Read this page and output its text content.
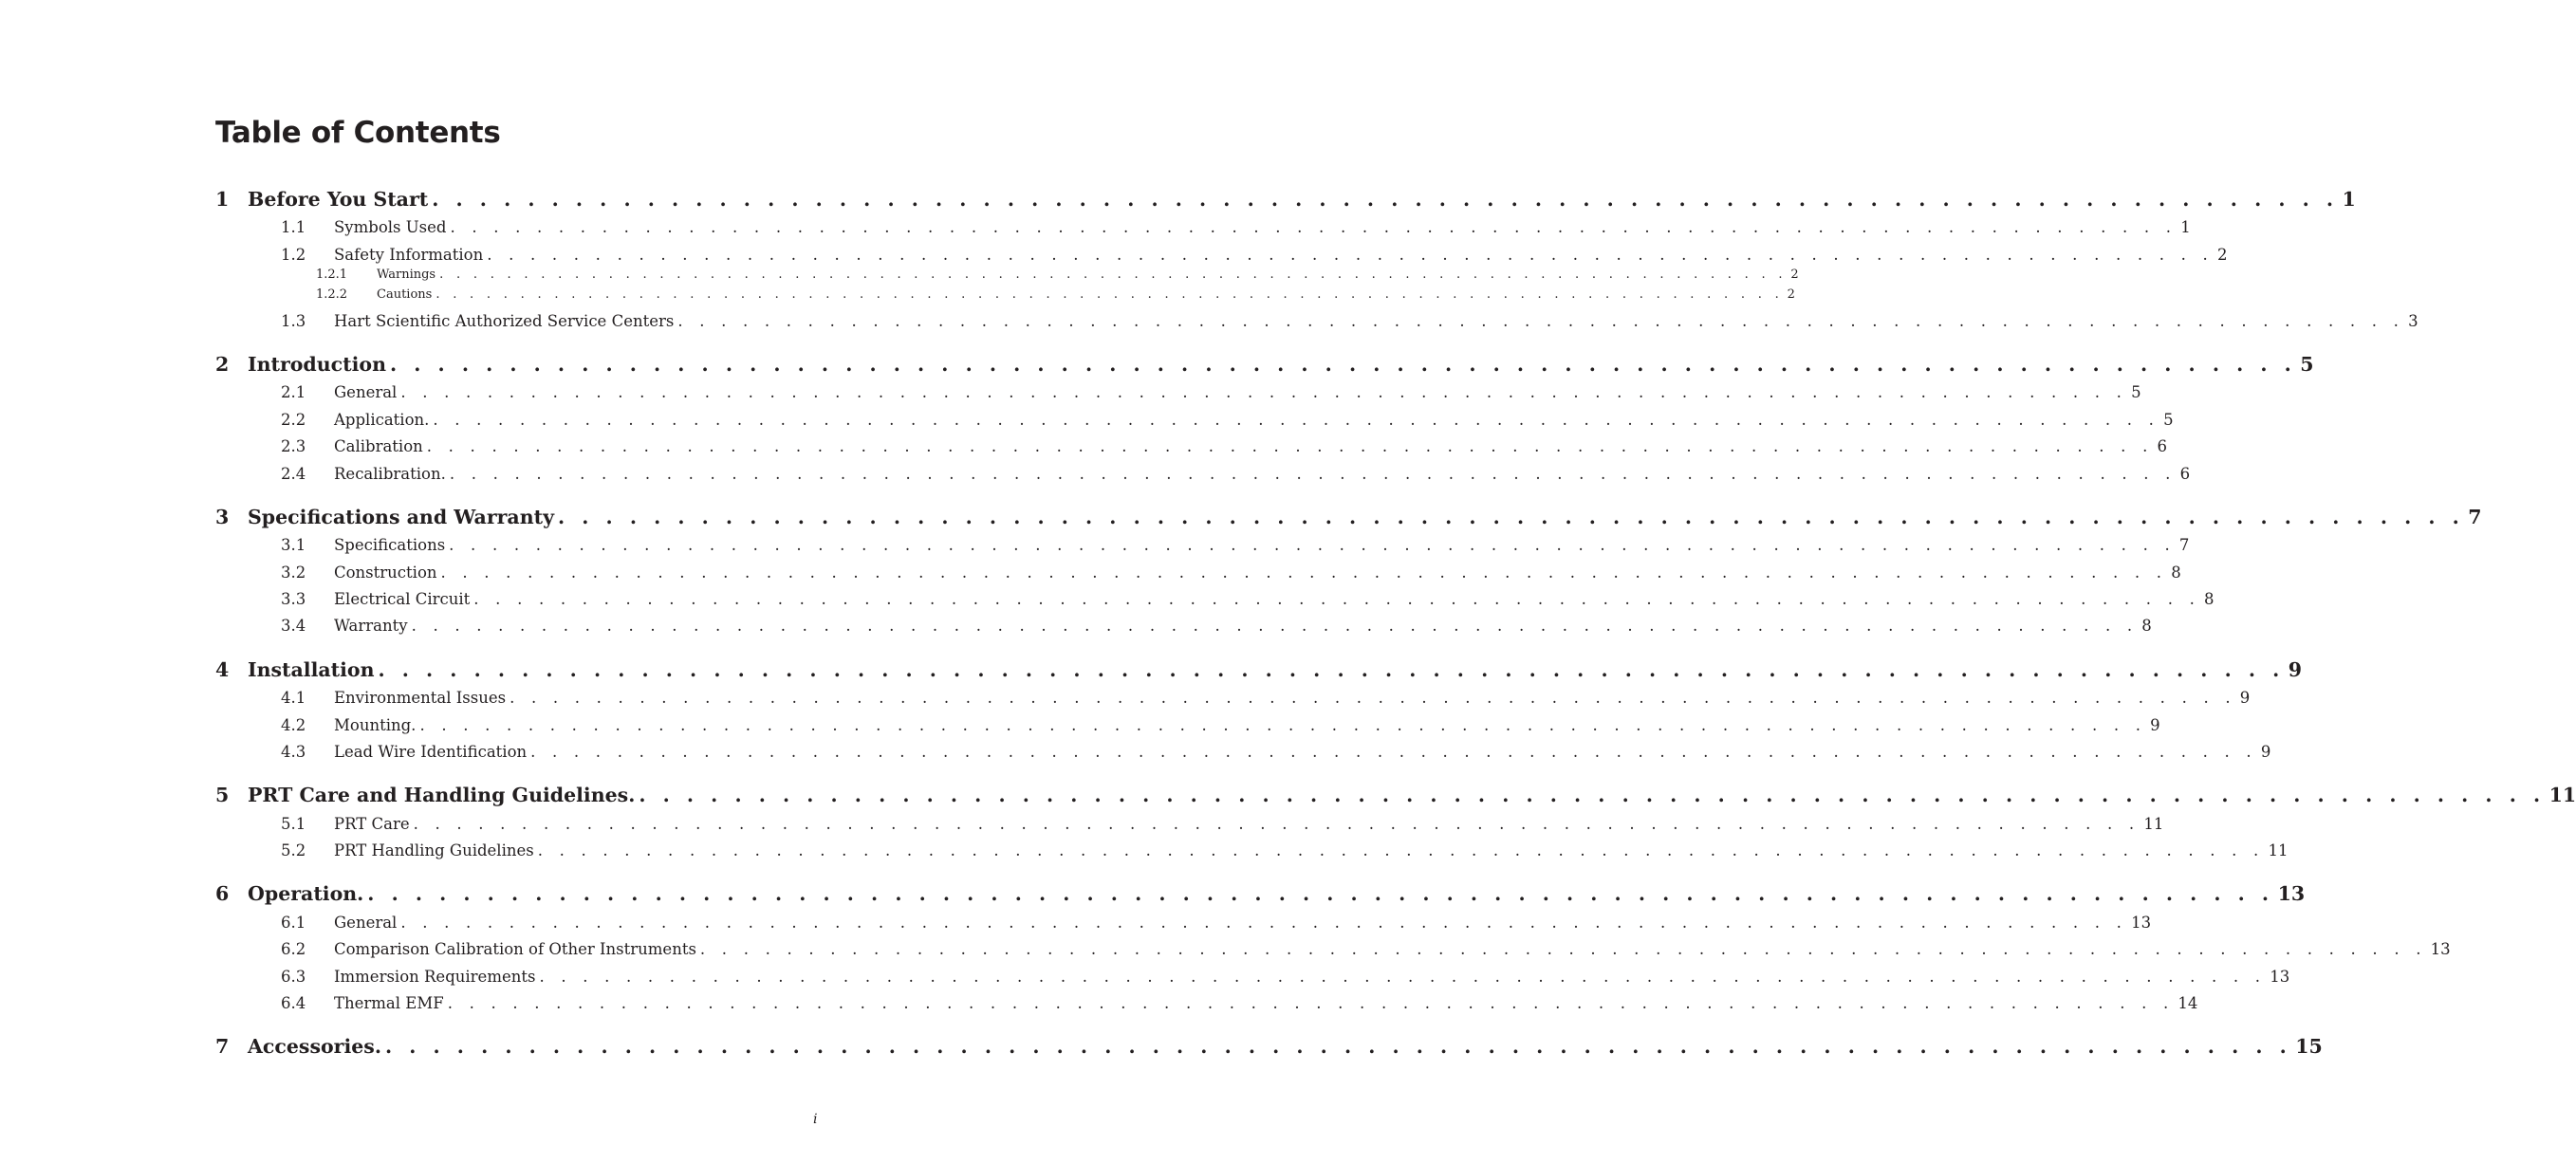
Table of Contents
1 Before You Start . . . . . . . . . . . . . . . . . . . . . . . . . . . . . . . . . . . . . . . . . . . . . . . . . . . . . . . . . . . . . . . . . . . . . . . . . . . . . . . . 1
1.1	Symbols Used . . . . . . . . . . . . . . . . . . . . . . . . . . . . . . . . . . . . . . . . . . . . . . . . . . . . . . . . . . . . . . . . . . . . . . . . . . . . . . . . 1
1.2	Safety Information . . . . . . . . . . . . . . . . . . . . . . . . . . . . . . . . . . . . . . . . . . . . . . . . . . . . . . . . . . . . . . . . . . . . . . . . . . . . . . . . 2
1.2.1	Warnings . . . . . . . . . . . . . . . . . . . . . . . . . . . . . . . . . . . . . . . . . . . . . . . . . . . . . . . . . . . . . . . . . . . . . . . . . . . . . . . . 2
1.2.2	Cautions . . . . . . . . . . . . . . . . . . . . . . . . . . . . . . . . . . . . . . . . . . . . . . . . . . . . . . . . . . . . . . . . . . . . . . . . . . . . . . . . 2
1.3	Hart Scientific Authorized Service Centers . . . . . . . . . . . . . . . . . . . . . . . . . . . . . . . . . . . . . . . . . . . . . . . . . . . . . . . . . . . . . . . . . . . . . . . . . . . . . . . . 3
2 Introduction . . . . . . . . . . . . . . . . . . . . . . . . . . . . . . . . . . . . . . . . . . . . . . . . . . . . . . . . . . . . . . . . . . . . . . . . . . . . . . . . 5
2.1	General . . . . . . . . . . . . . . . . . . . . . . . . . . . . . . . . . . . . . . . . . . . . . . . . . . . . . . . . . . . . . . . . . . . . . . . . . . . . . . . . 5
2.2	Application. . . . . . . . . . . . . . . . . . . . . . . . . . . . . . . . . . . . . . . . . . . . . . . . . . . . . . . . . . . . . . . . . . . . . . . . . . . . . . . . . 5
2.3	Calibration . . . . . . . . . . . . . . . . . . . . . . . . . . . . . . . . . . . . . . . . . . . . . . . . . . . . . . . . . . . . . . . . . . . . . . . . . . . . . . . . 6
2.4	Recalibration. . . . . . . . . . . . . . . . . . . . . . . . . . . . . . . . . . . . . . . . . . . . . . . . . . . . . . . . . . . . . . . . . . . . . . . . . . . . . . . . . 6
3 Specifications and Warranty . . . . . . . . . . . . . . . . . . . . . . . . . . . . . . . . . . . . . . . . . . . . . . . . . . . . . . . . . . . . . . . . . . . . . . . . . . . . . . . . 7
3.1	Specifications . . . . . . . . . . . . . . . . . . . . . . . . . . . . . . . . . . . . . . . . . . . . . . . . . . . . . . . . . . . . . . . . . . . . . . . . . . . . . . . . 7
3.2	Construction . . . . . . . . . . . . . . . . . . . . . . . . . . . . . . . . . . . . . . . . . . . . . . . . . . . . . . . . . . . . . . . . . . . . . . . . . . . . . . . . 8
3.3	Electrical Circuit . . . . . . . . . . . . . . . . . . . . . . . . . . . . . . . . . . . . . . . . . . . . . . . . . . . . . . . . . . . . . . . . . . . . . . . . . . . . . . . . 8
3.4	Warranty . . . . . . . . . . . . . . . . . . . . . . . . . . . . . . . . . . . . . . . . . . . . . . . . . . . . . . . . . . . . . . . . . . . . . . . . . . . . . . . . 8
4 Installation . . . . . . . . . . . . . . . . . . . . . . . . . . . . . . . . . . . . . . . . . . . . . . . . . . . . . . . . . . . . . . . . . . . . . . . . . . . . . . . . 9
4.1	Environmental Issues . . . . . . . . . . . . . . . . . . . . . . . . . . . . . . . . . . . . . . . . . . . . . . . . . . . . . . . . . . . . . . . . . . . . . . . . . . . . . . . . 9
4.2	Mounting. . . . . . . . . . . . . . . . . . . . . . . . . . . . . . . . . . . . . . . . . . . . . . . . . . . . . . . . . . . . . . . . . . . . . . . . . . . . . . . . . 9
4.3	Lead Wire Identification . . . . . . . . . . . . . . . . . . . . . . . . . . . . . . . . . . . . . . . . . . . . . . . . . . . . . . . . . . . . . . . . . . . . . . . . . . . . . . . . 9
5 PRT Care and Handling Guidelines. . . . . . . . . . . . . . . . . . . . . . . . . . . . . . . . . . . . . . . . . . . . . . . . . . . . . . . . . . . . . . . . . . . . . . . . . . . . . . . . . 11
5.1	PRT Care . . . . . . . . . . . . . . . . . . . . . . . . . . . . . . . . . . . . . . . . . . . . . . . . . . . . . . . . . . . . . . . . . . . . . . . . . . . . . . . . 11
5.2	PRT Handling Guidelines . . . . . . . . . . . . . . . . . . . . . . . . . . . . . . . . . . . . . . . . . . . . . . . . . . . . . . . . . . . . . . . . . . . . . . . . . . . . . . . . 11
6 Operation. . . . . . . . . . . . . . . . . . . . . . . . . . . . . . . . . . . . . . . . . . . . . . . . . . . . . . . . . . . . . . . . . . . . . . . . . . . . . . . . . 13
6.1	General . . . . . . . . . . . . . . . . . . . . . . . . . . . . . . . . . . . . . . . . . . . . . . . . . . . . . . . . . . . . . . . . . . . . . . . . . . . . . . . . 13
6.2	Comparison Calibration of Other Instruments . . . . . . . . . . . . . . . . . . . . . . . . . . . . . . . . . . . . . . . . . . . . . . . . . . . . . . . . . . . . . . . . . . . . . . . . . . . . . . . . 13
6.3	Immersion Requirements . . . . . . . . . . . . . . . . . . . . . . . . . . . . . . . . . . . . . . . . . . . . . . . . . . . . . . . . . . . . . . . . . . . . . . . . . . . . . . . . 13
6.4	Thermal EMF . . . . . . . . . . . . . . . . . . . . . . . . . . . . . . . . . . . . . . . . . . . . . . . . . . . . . . . . . . . . . . . . . . . . . . . . . . . . . . . . 14
7 Accessories. . . . . . . . . . . . . . . . . . . . . . . . . . . . . . . . . . . . . . . . . . . . . . . . . . . . . . . . . . . . . . . . . . . . . . . . . . . . . . . . . 15
i
